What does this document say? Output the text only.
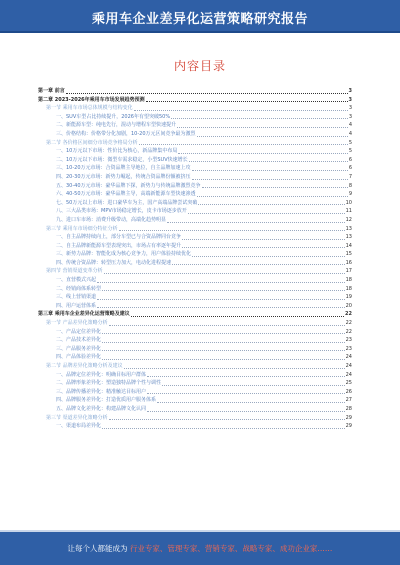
乘用车企业差异化运营策略研究报告
内容目录
第一章 前言	3
第二章 2023-2026年乘用车市场发展趋势预测	3
第一节 乘用车市场总体规模与结构变化	3
一、SUV车型占比持续提升，2026年有望突破50%	3
二、新能源车型：纯电先行，混动与增程车型快速提升	4
三、价格结构：价格带分化加剧，10-20万元区间竞争最为激烈	4
第二节 各价格区间细分市场竞争格局分析	5
一、10万元以下市场：性价比为核心，新品牌集中布局	5
二、10万元以下市场：微型车需求稳定，小型SUV快速增长	6
三、10-20万元市场：合资品牌主导地位，自主品牌加速上攻	6
四、20-30万元市场：新势力崛起，传统合资品牌份额被挤压	7
五、30-40万元市场：豪华品牌下探，新势力与传统品牌激烈竞争	8
六、40-50万元市场：豪华品牌主导，高端新能源车型快速渗透	9
七、50万元以上市场：进口豪华车为主，国产高端品牌尝试突破	10
八、三大品类市场：MPV市场稳定增长，皮卡市场逐步放开	11
九、进口车市场：消费升级带动，高端化趋势明显	12
第三节 乘用车市场细分特征分析	13
一、自主品牌持续向上，部分车型已与合资品牌同台竞争	13
二、自主品牌新能源车型表现突出，市场占有率逐年提升	14
三、新势力品牌：智能化成为核心竞争力，用户体验持续优化	15
四、传统合资品牌：转型压力加大，电动化进程提速	16
第四节 营销渠道变革分析	17
一、直营模式兴起	18
二、经销商体系转型	18
三、线上营销渠道	19
四、用户运营体系	20
第三章 乘用车企业差异化运营策略及建议	22
第一节 产品差异化策略分析	22
一、产品定位差异化	22
二、产品技术差异化	23
三、产品服务差异化	23
四、产品体验差异化	24
第二节 品牌差异化策略分析及建议	24
一、品牌定位差异化：明确目标用户群体	24
二、品牌形象差异化：塑造独特品牌个性与调性	25
三、品牌传播差异化：精准触达目标用户	26
四、品牌服务差异化：打造优质用户服务体系	27
五、品牌文化差异化：构建品牌文化认同	28
第三节 渠道差异化策略分析	29
一、渠道布局差异化	29
让每个人都能成为 行业专家、管理专家、营销专家、战略专家、成功企业家……
